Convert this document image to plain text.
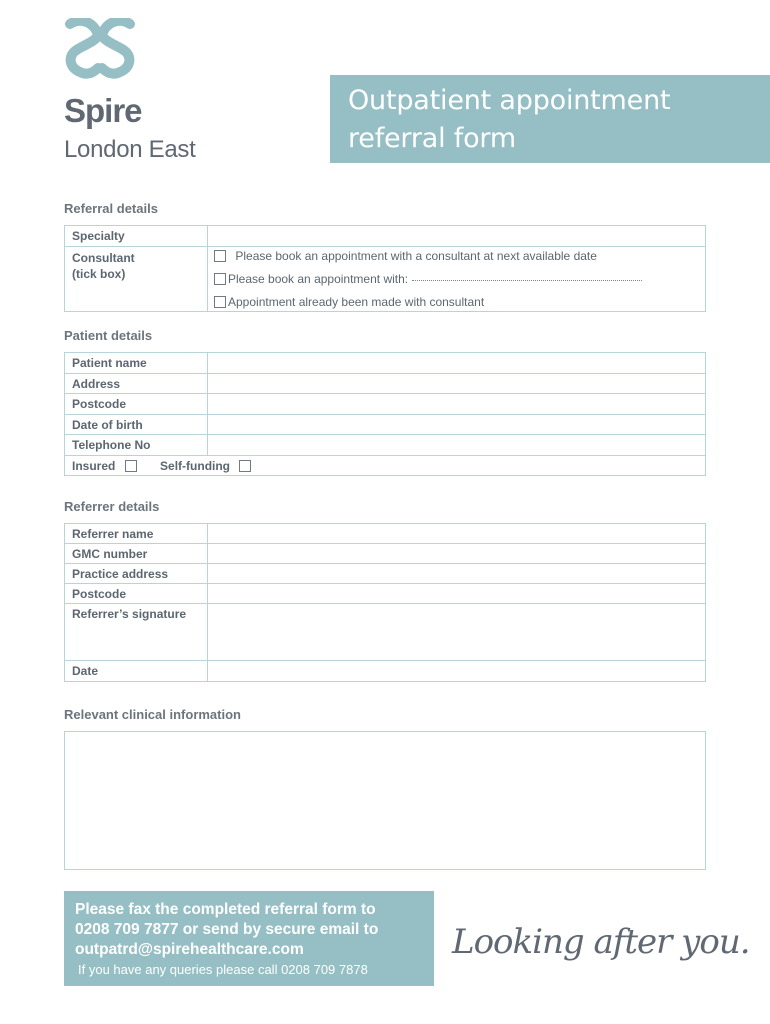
Spire
London East
Outpatient appointment
referral form
Referral details
Specialty
Consultant
(tick box)
Please book an appointment with a consultant at next available date
Please book an appointment with:
Appointment already been made with consultant
Patient details
Patient name
Address
Postcode
Date of birth
Telephone No
Insured	Self-funding
Referrer details
Referrer name
GMC number
Practice address
Postcode
Referrer’s signature
Date
Relevant clinical information
Please fax the completed referral form to
0208 709 7877 or send by secure email to
outpatrd@spirehealthcare.com
If you have any queries please call 0208 709 7878
Looking after you.
